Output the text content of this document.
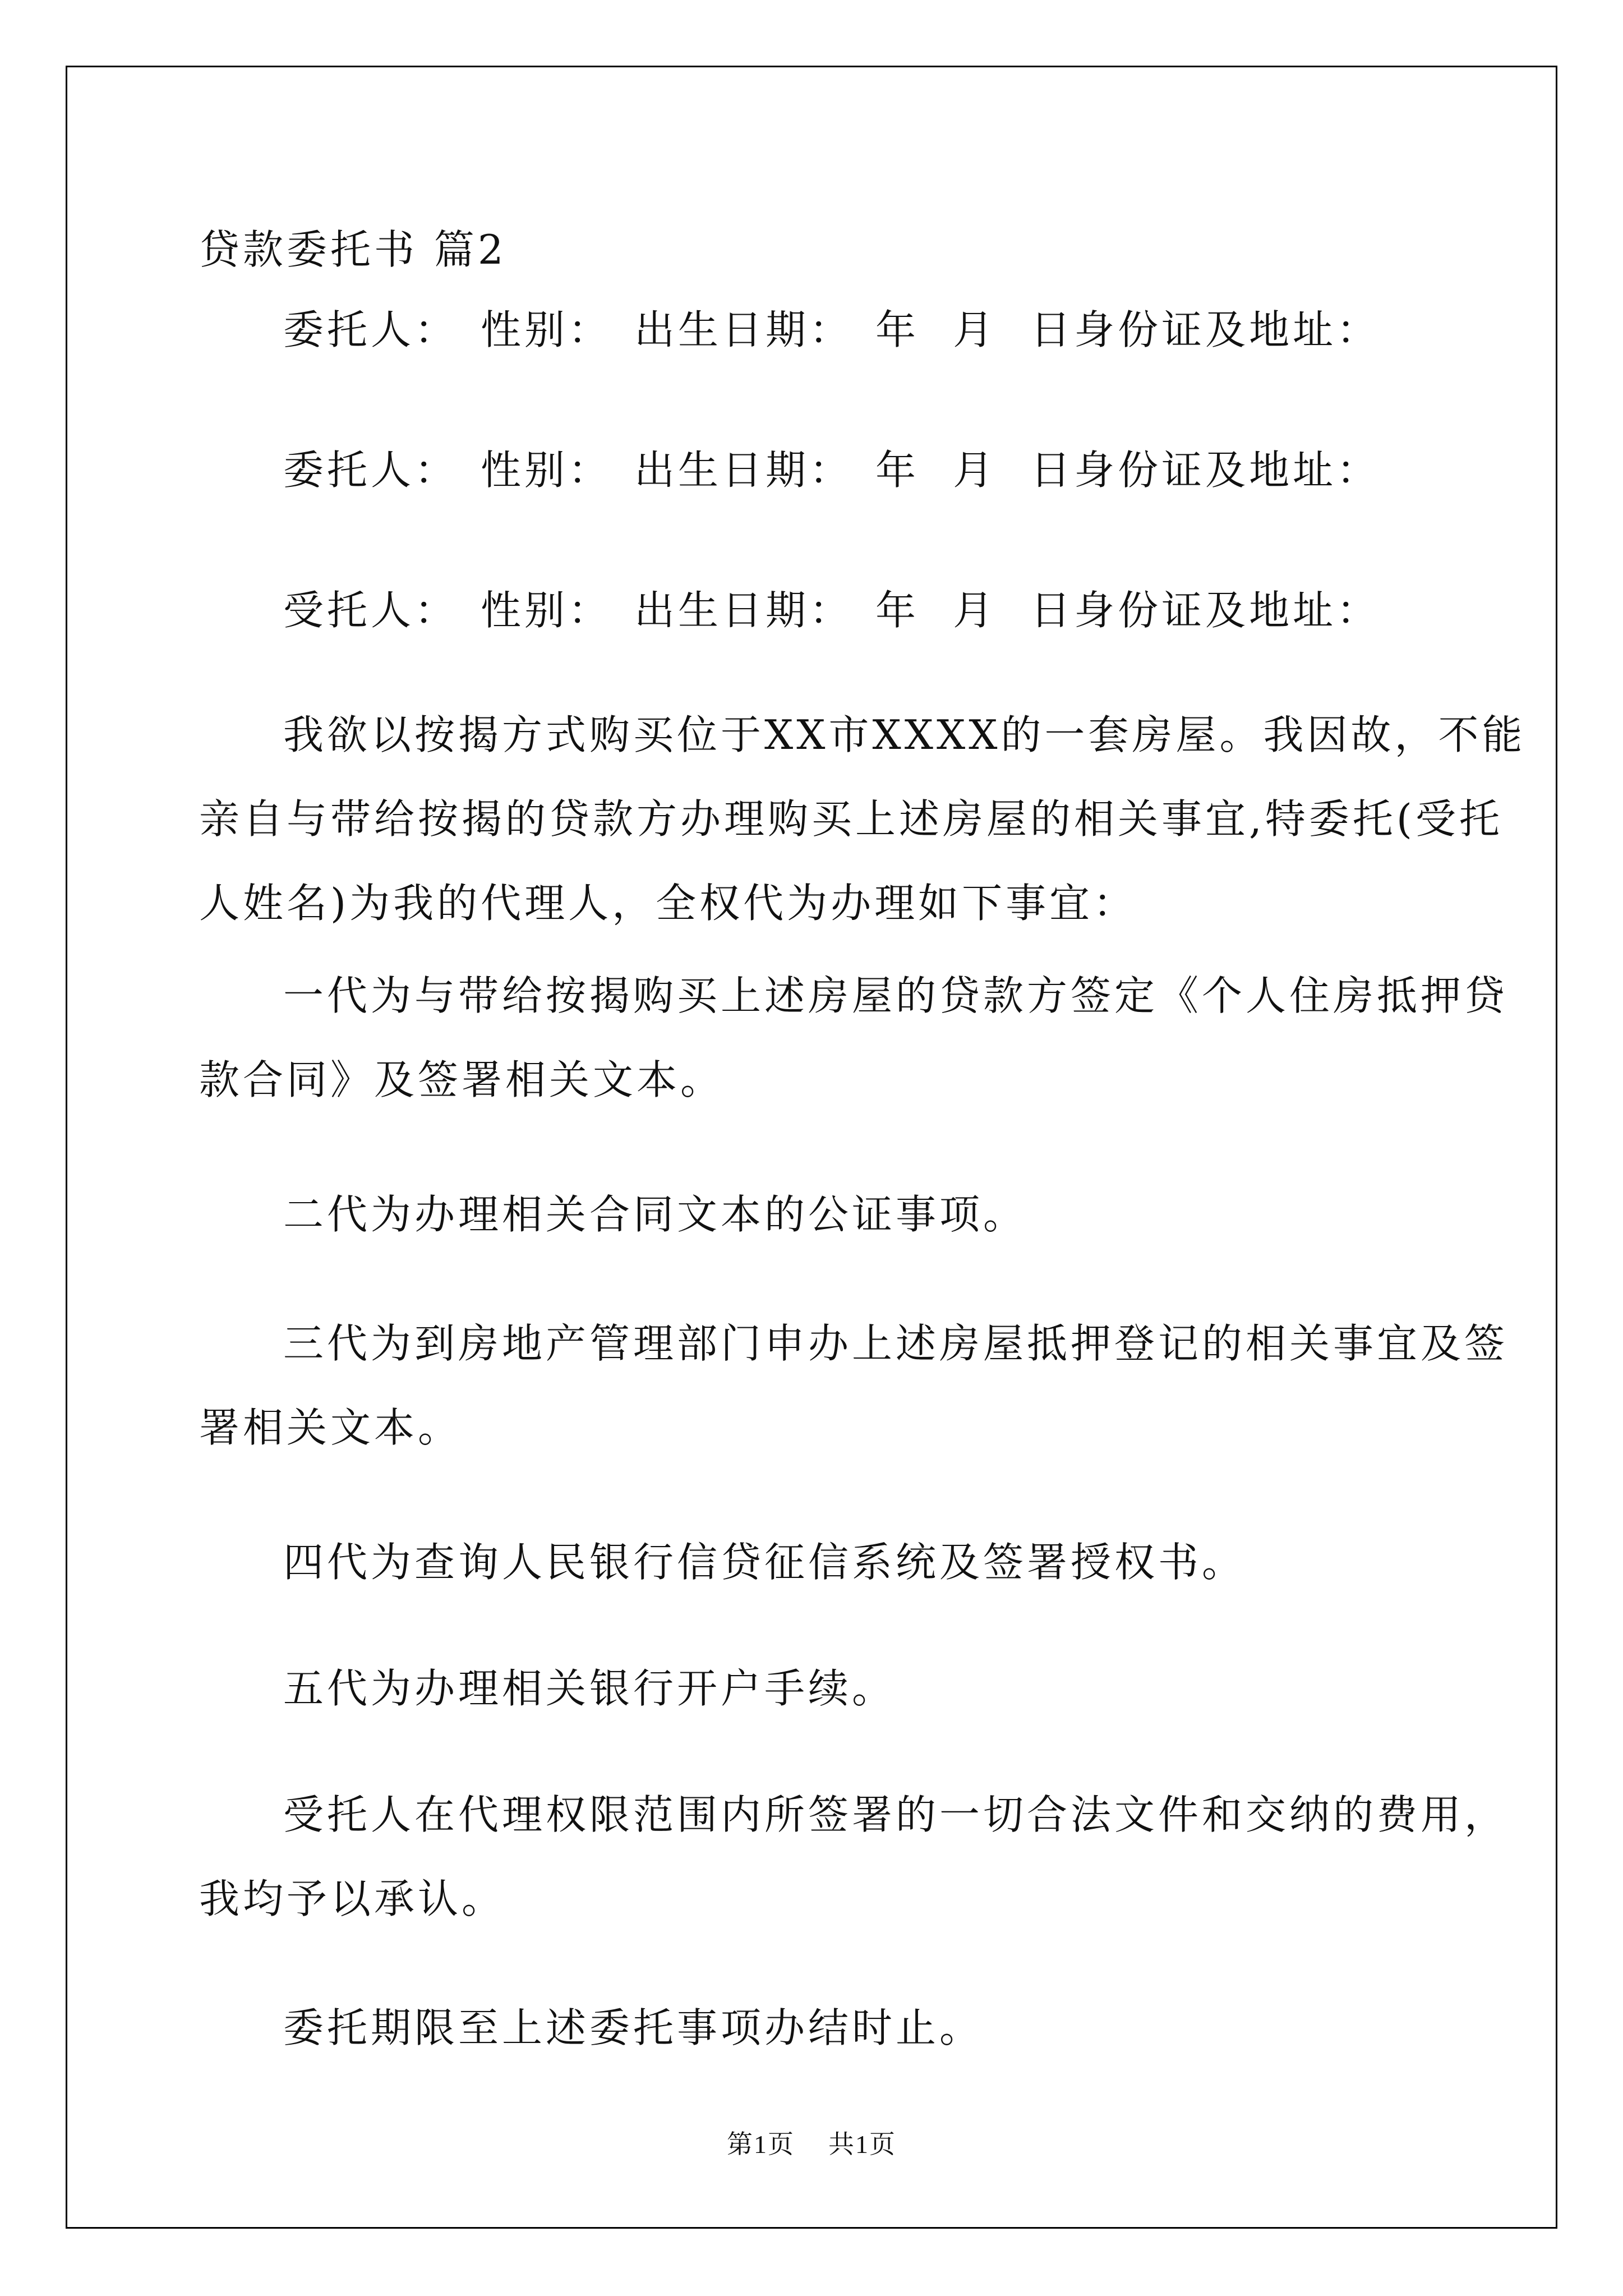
贷款委托书 篇2
委托人： 性别： 出生日期： 年 月 日身份证及地址：
委托人： 性别： 出生日期： 年 月 日身份证及地址：
受托人： 性别： 出生日期： 年 月 日身份证及地址：

我欲以按揭方式购买位于XX市XXXX的一套房屋。我因故，不能

亲自与带给按揭的贷款方办理购买上述房屋的相关事宜,特委托(受托

人姓名)为我的代理人，全权代为办理如下事宜：

一代为与带给按揭购买上述房屋的贷款方签定《个人住房抵押贷

款合同》及签署相关文本。

二代为办理相关合同文本的公证事项。

三代为到房地产管理部门申办上述房屋抵押登记的相关事宜及签

署相关文本。

四代为查询人民银行信贷征信系统及签署授权书。

五代为办理相关银行开户手续。

受托人在代理权限范围内所签署的一切合法文件和交纳的费用，

我均予以承认。

委托期限至上述委托事项办结时止。

第1页 共1页
